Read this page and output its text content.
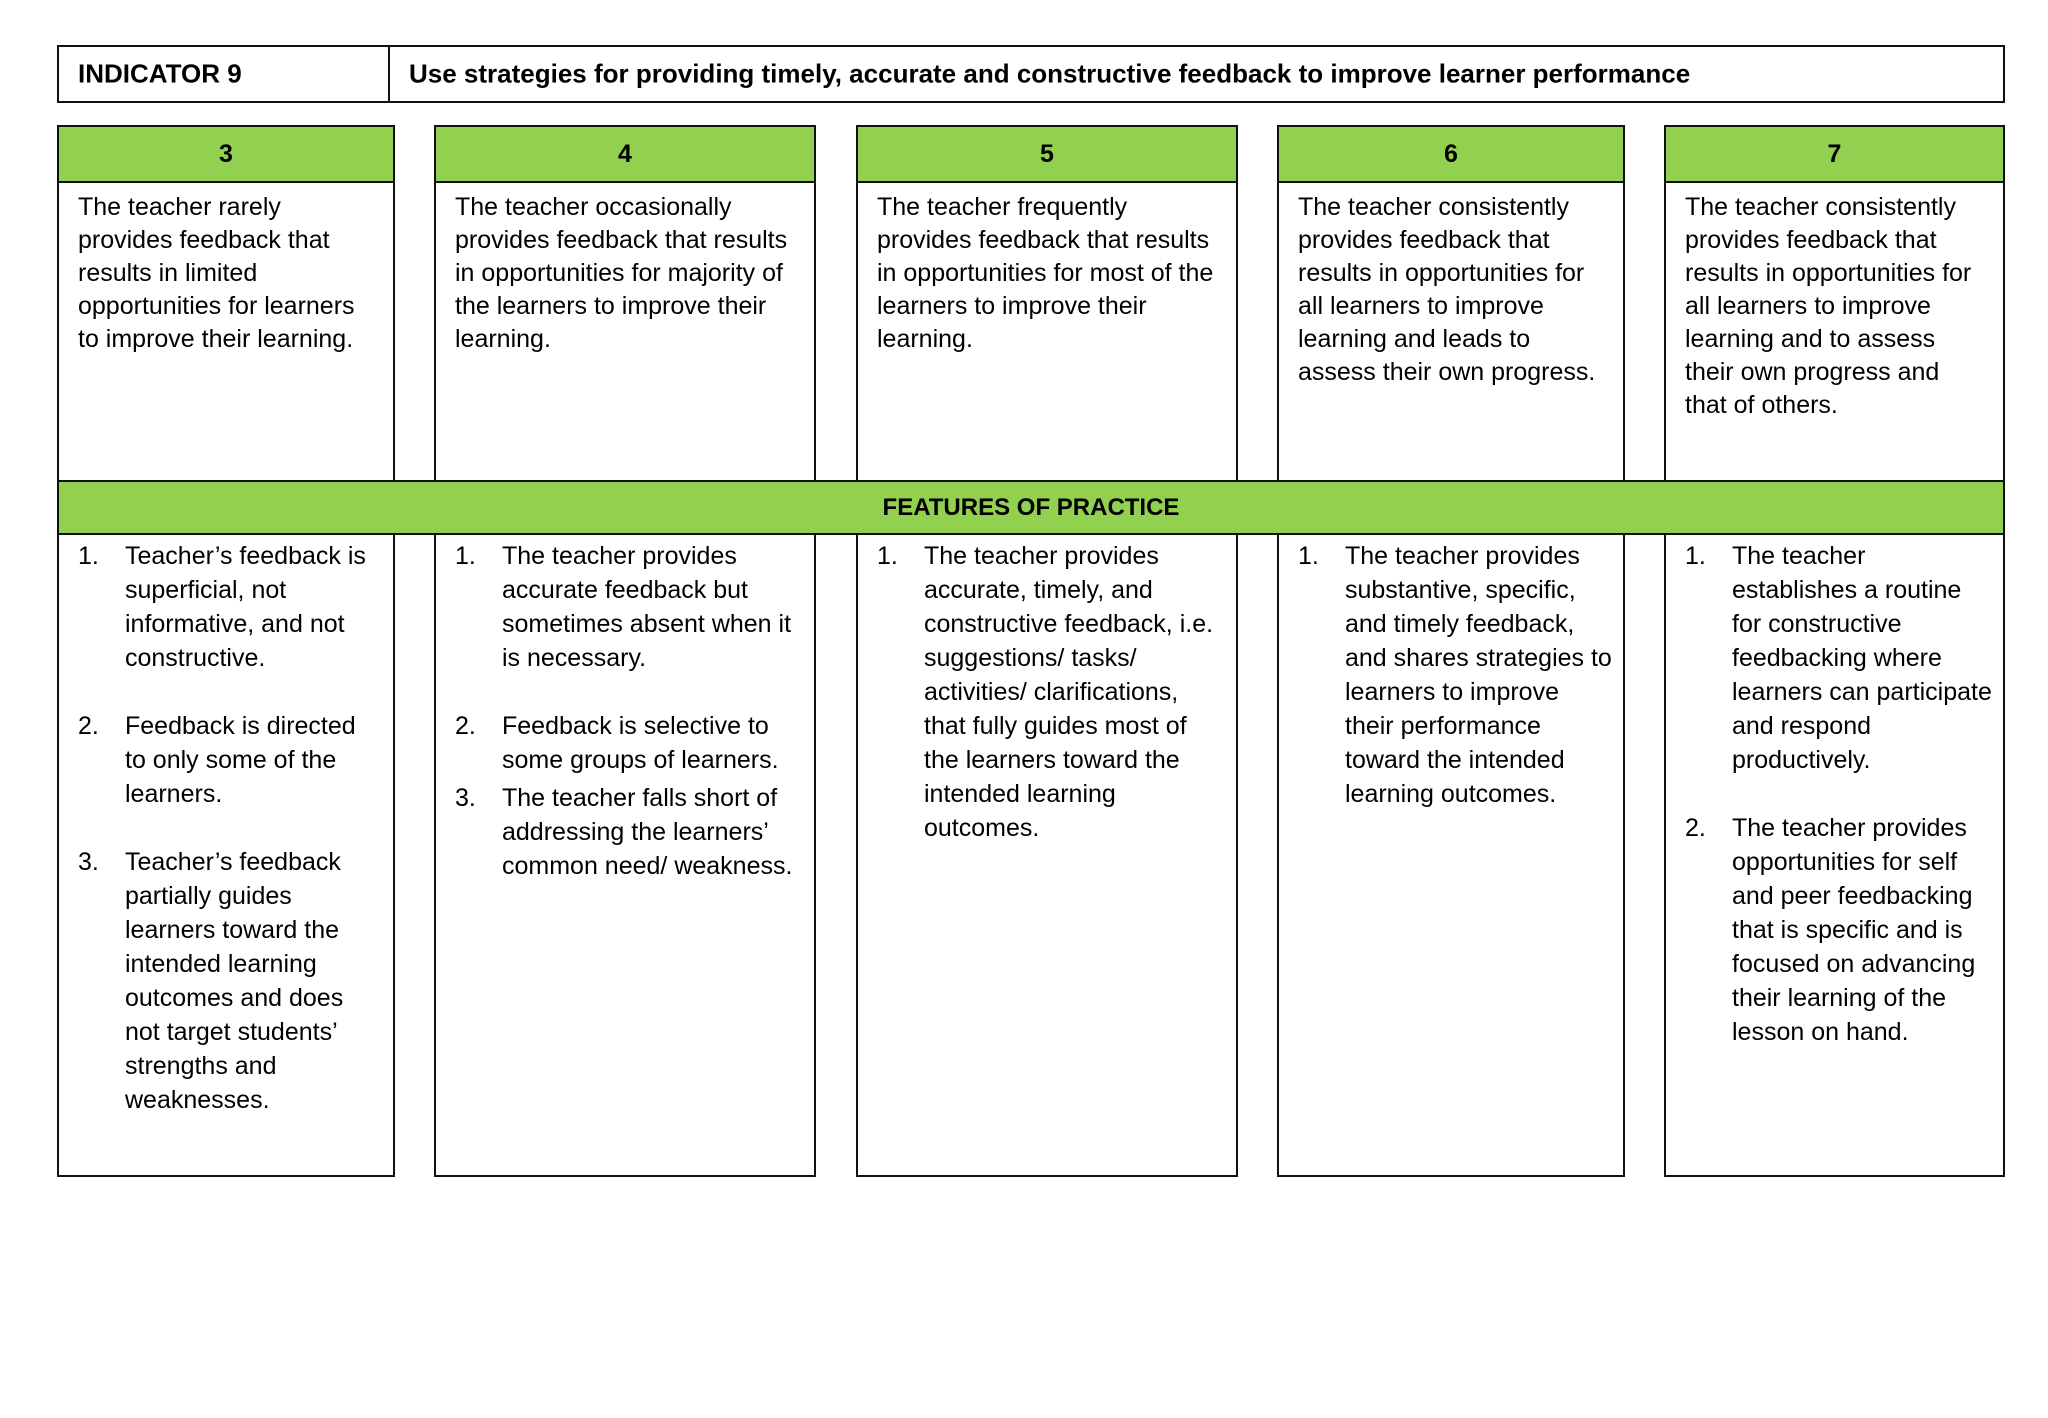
INDICATOR 9	Use strategies for providing timely, accurate and constructive feedback to improve learner performance
3
The teacher rarely provides feedback that results in limited opportunities for learners to improve their learning.
1. Teacher’s feedback is superficial, not informative, and not constructive.
2. Feedback is directed to only some of the learners.
3. Teacher’s feedback partially guides learners toward the intended learning outcomes and does not target students’ strengths and weaknesses.
4
The teacher occasionally provides feedback that results in opportunities for majority of the learners to improve their learning.
1. The teacher provides accurate feedback but sometimes absent when it is necessary.
2. Feedback is selective to some groups of learners.
3. The teacher falls short of addressing the learners’ common need/ weakness.
5
The teacher frequently provides feedback that results in opportunities for most of the learners to improve their learning.
1. The teacher provides accurate, timely, and constructive feedback, i.e. suggestions/ tasks/ activities/ clarifications, that fully guides most of the learners toward the intended learning outcomes.
6
The teacher consistently provides feedback that results in opportunities for all learners to improve learning and leads to assess their own progress.
1. The teacher provides substantive, specific, and timely feedback, and shares strategies to learners to improve their performance toward the intended learning outcomes.
7
The teacher consistently provides feedback that results in opportunities for all learners to improve learning and to assess their own progress and that of others.
1. The teacher establishes a routine for constructive feedbacking where learners can participate and respond productively.
2. The teacher provides opportunities for self and peer feedbacking that is specific and is focused on advancing their learning of the lesson on hand.
FEATURES OF PRACTICE
